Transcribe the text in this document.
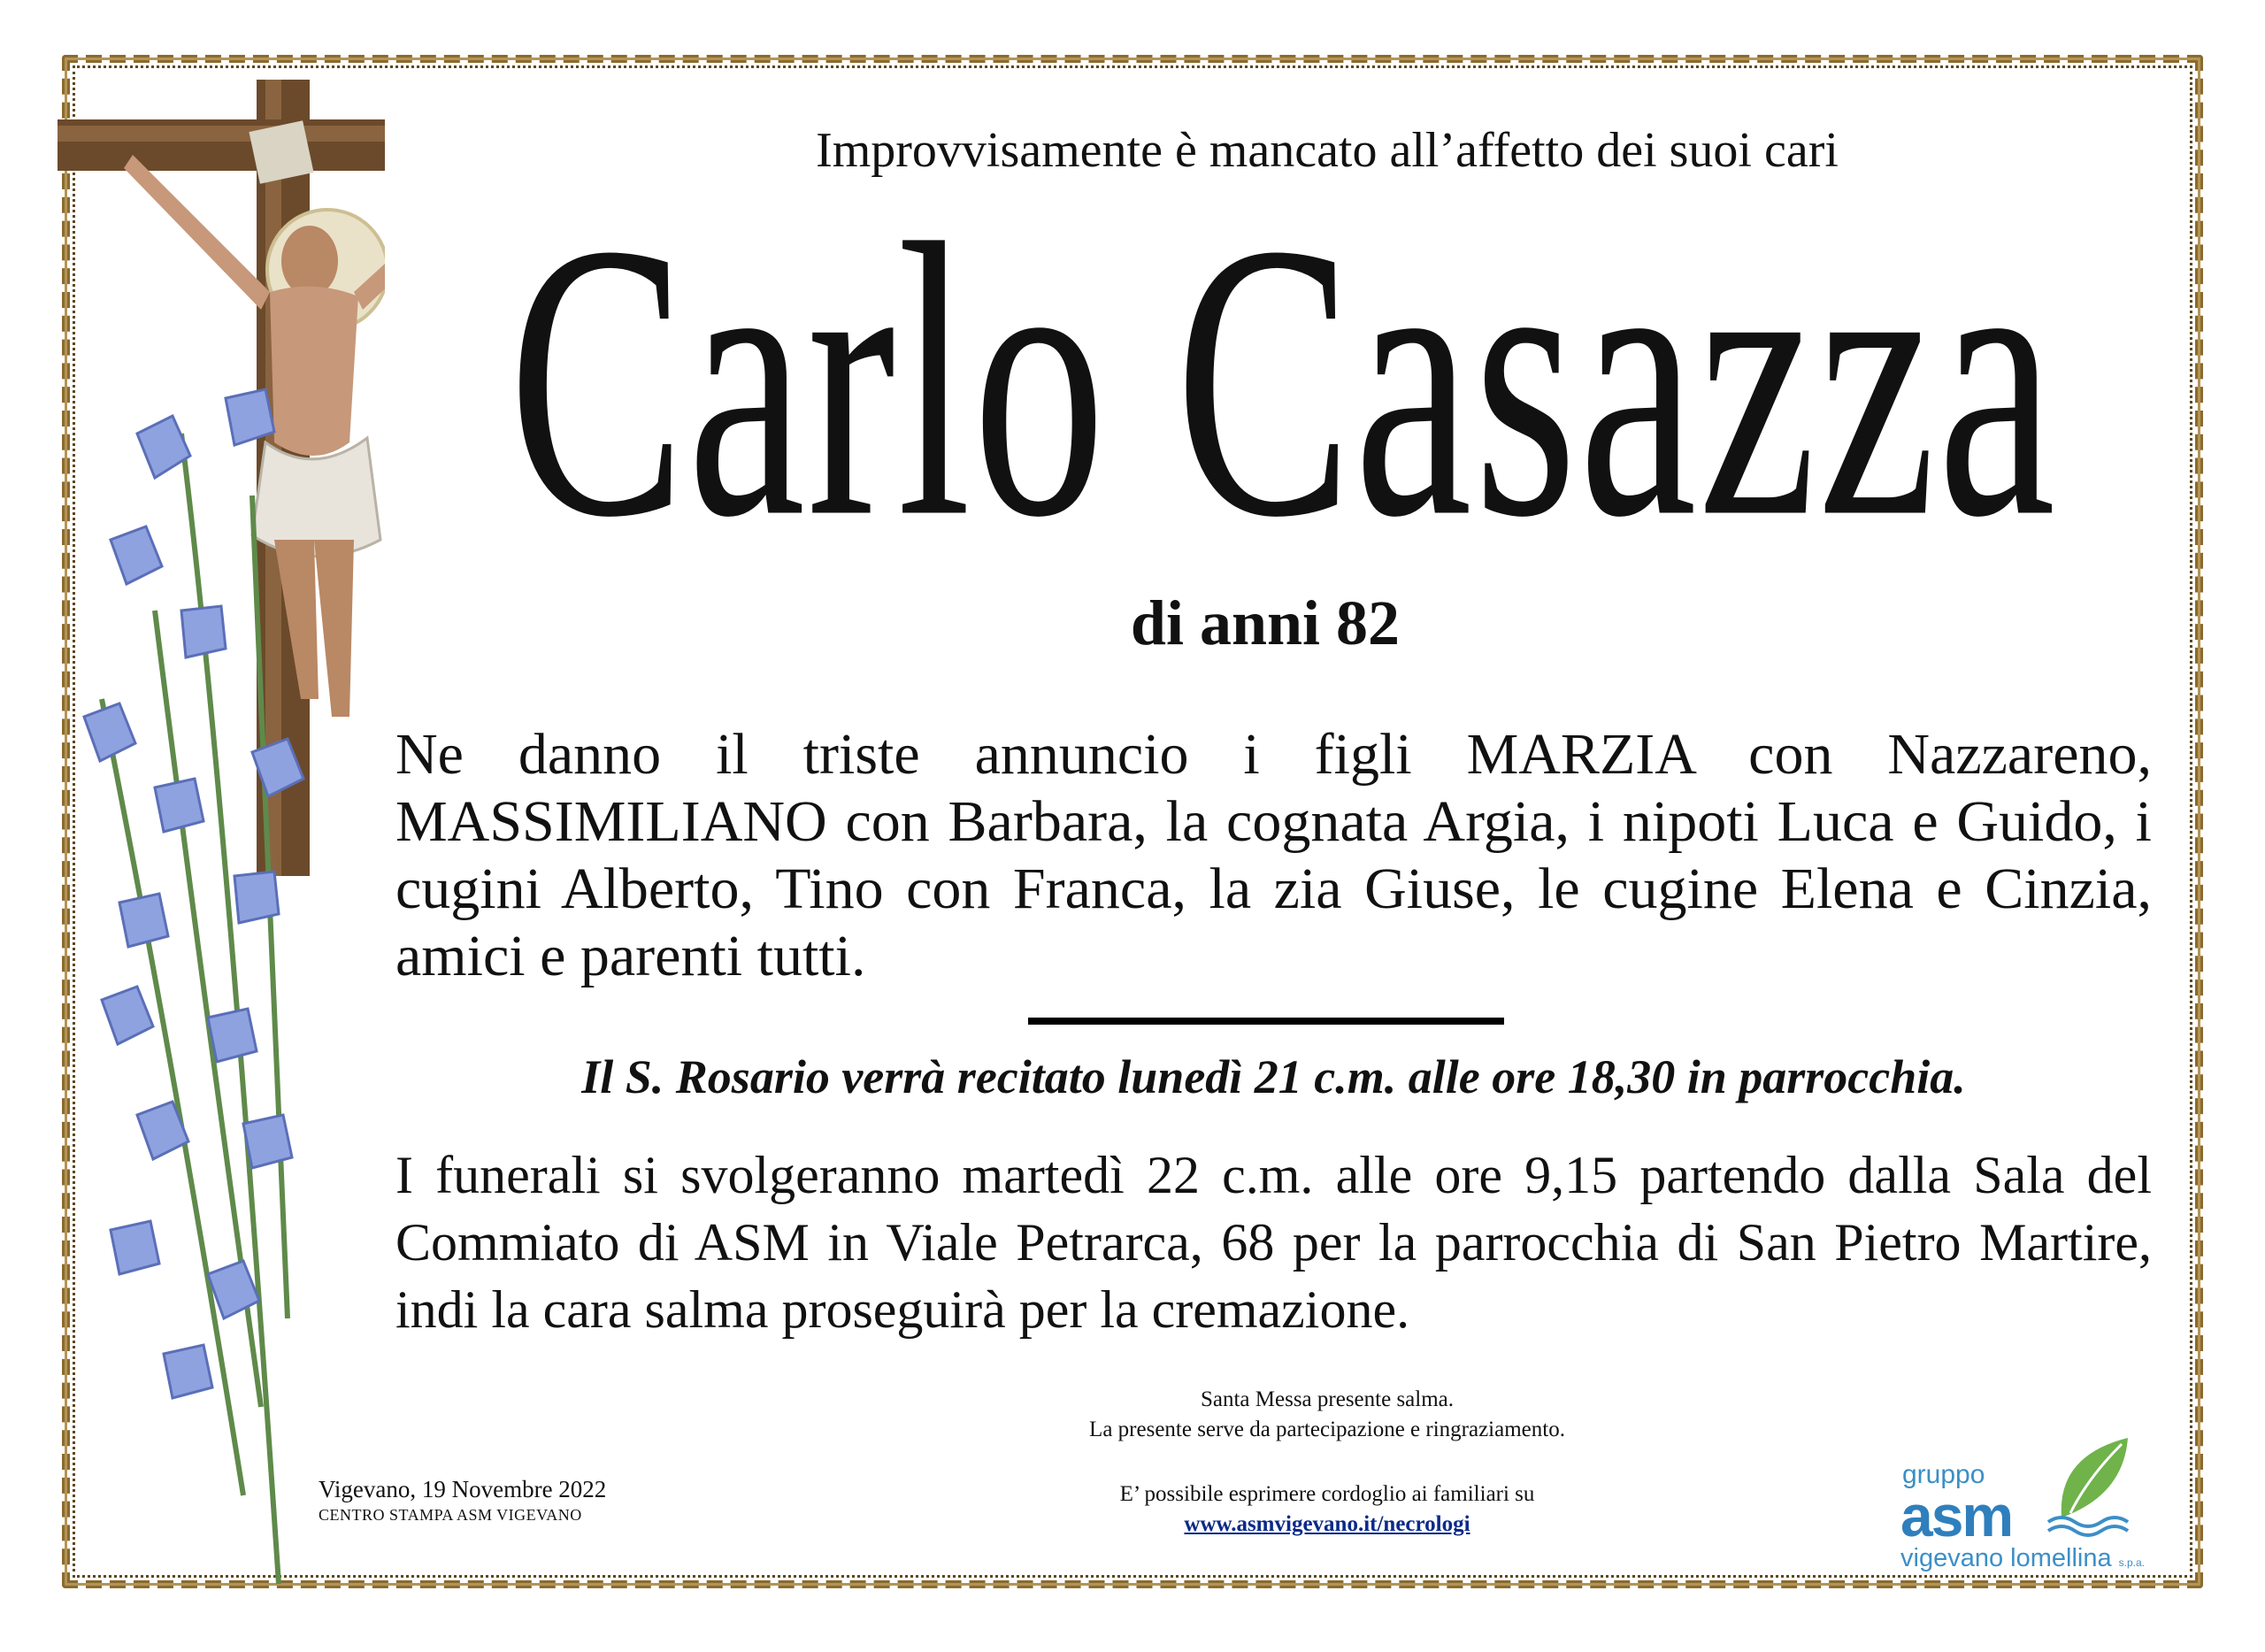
Improvvisamente è mancato all’affetto dei suoi cari
Carlo Casazza
di anni 82
Ne danno il triste annuncio i figli MARZIA con Nazzareno, MASSIMILIANO con Barbara, la cognata Argia, i nipoti Luca e Guido, i cugini Alberto, Tino con Franca, la zia Giuse, le cugine Elena e Cinzia, amici e parenti tutti.
Il S. Rosario verrà recitato lunedì 21 c.m. alle ore 18,30 in parrocchia.
I funerali si svolgeranno martedì 22 c.m. alle ore 9,15 partendo dalla Sala del Commiato di ASM in Viale Petrarca, 68 per la parrocchia di San Pietro Martire, indi la cara salma proseguirà per la cremazione.
Santa Messa presente salma.
La presente serve da partecipazione e ringraziamento.
E’ possibile esprimere cordoglio ai familiari su
www.asmvigevano.it/necrologi
Vigevano, 19 Novembre 2022
CENTRO STAMPA ASM VIGEVANO
gruppo
asm
vigevano lomellina s.p.a.
